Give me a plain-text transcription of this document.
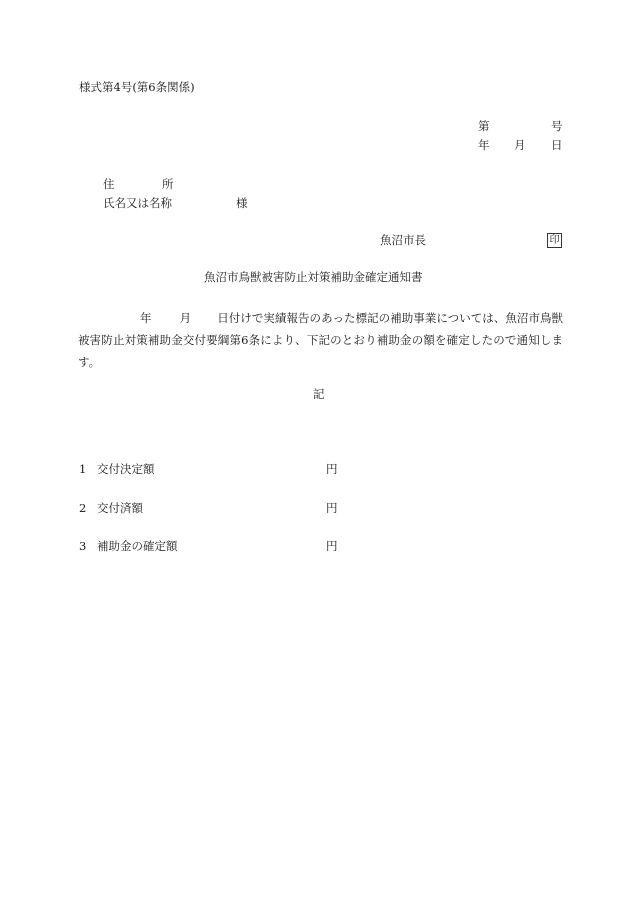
様式第4号(第6条関係)
第	号
年 月 日
住	所
氏名又は名称	様
魚沼市長	印
魚沼市鳥獣被害防止対策補助金確定通知書
年 月 日付けで実績報告のあった標記の補助事業については、魚沼市鳥獣被害防止対策補助金交付要綱第6条により、下記のとおり補助金の額を確定したので通知します。
記
1 交付決定額	円
2 交付済額	円
3 補助金の確定額	円
